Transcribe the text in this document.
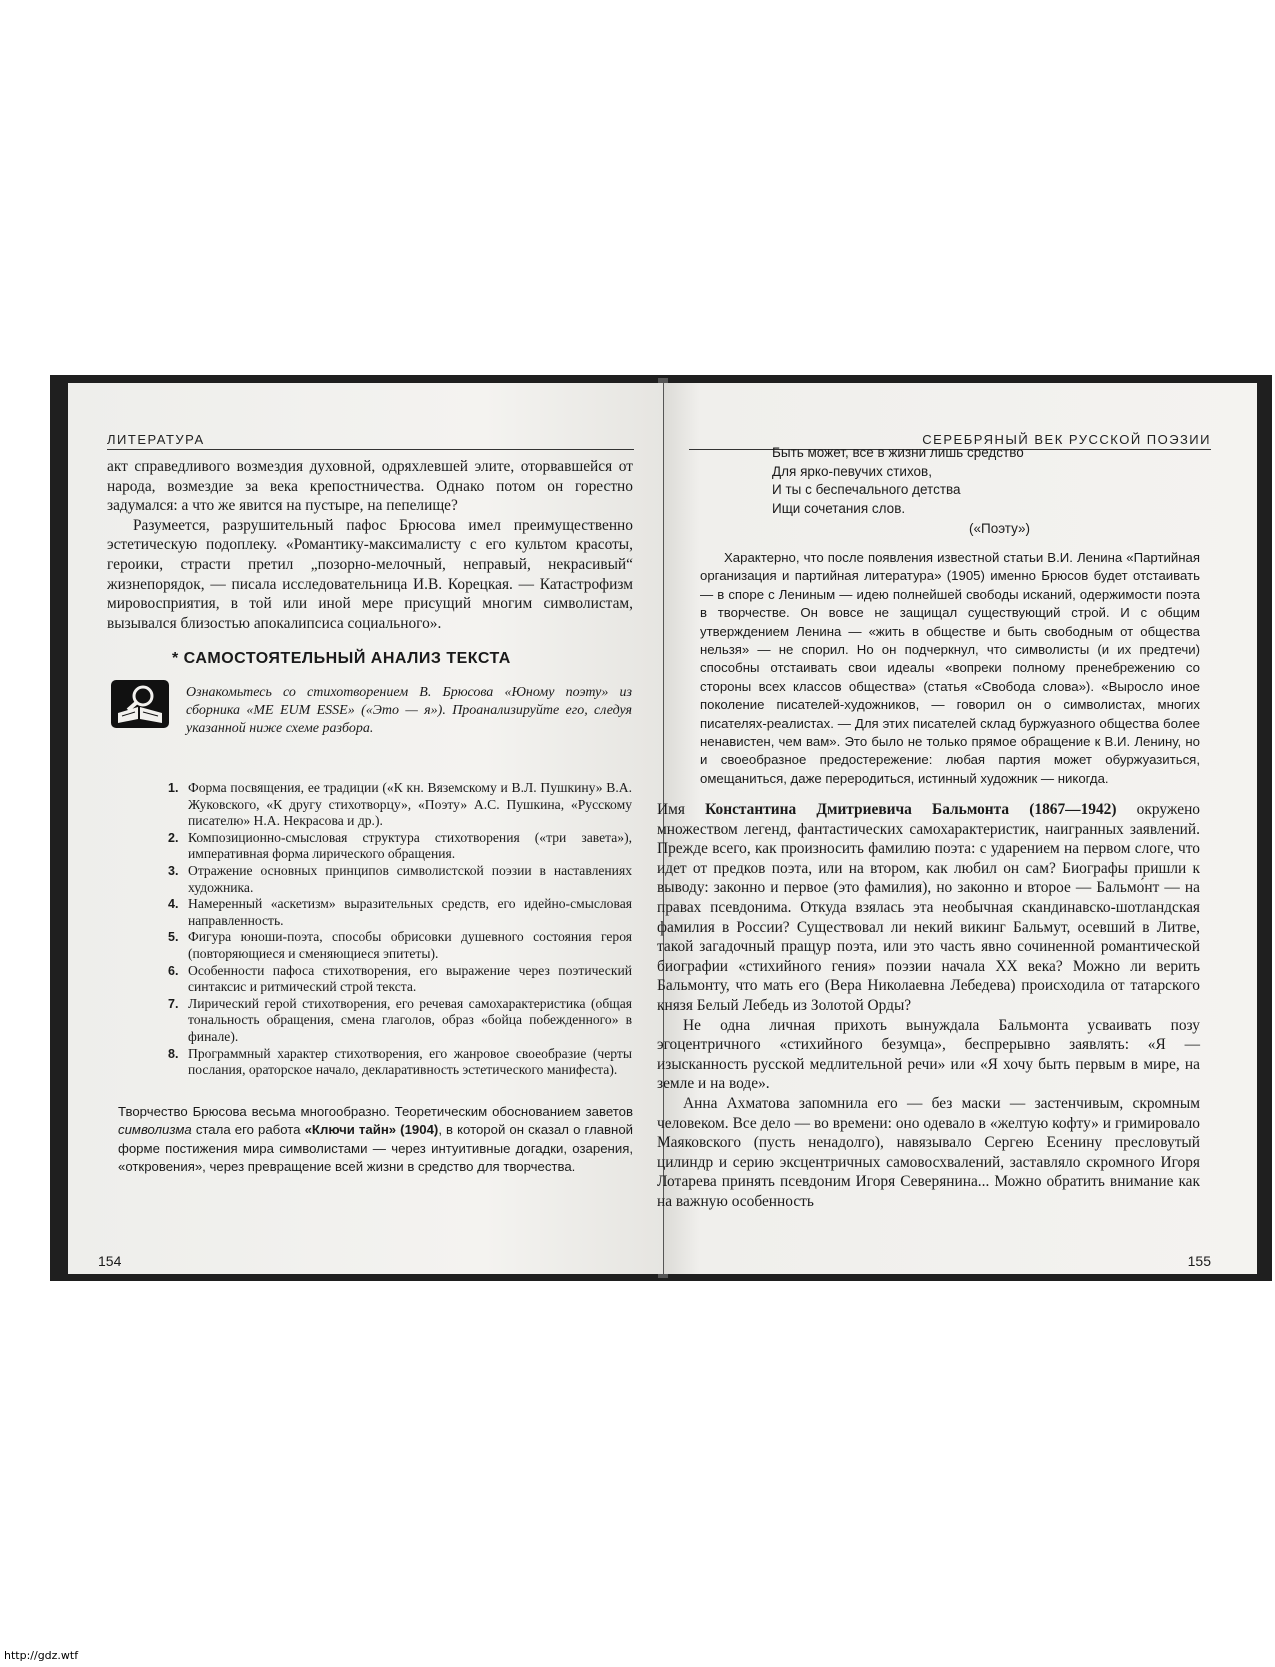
ЛИТЕРАТУРА

акт справедливого возмездия духовной, одряхлевшей элите, оторвавшейся от народа, возмездие за века крепостничества. Однако потом он горестно задумался: а что же явится на пустыре, на пепелище?

Разумеется, разрушительный пафос Брюсова имел преимущественно эстетическую подоплеку. «Романтику-максималисту с его культом красоты, героики, страсти претил „позорно-мелочный, неправый, некрасивый“ жизнепорядок, — писала исследовательница И.В. Корецкая. — Катастрофизм мировосприятия, в той или иной мере присущий многим символистам, вызывался близостью апокалипсиса социального».

* САМОСТОЯТЕЛЬНЫЙ АНАЛИЗ ТЕКСТА
Ознакомьтесь со стихотворением В. Брюсова «Юному поэту» из сборника «ME EUM ESSE» («Это — я»). Проанализируйте его, следуя указанной ниже схеме разбора.
1. Форма посвящения, ее традиции («К кн. Вяземскому и В.Л. Пушкину» В.А. Жуковского, «К другу стихотворцу», «Поэту» А.С. Пушкина, «Русскому писателю» Н.А. Некрасова и др.).
2. Композиционно-смысловая структура стихотворения («три завета»), императивная форма лирического обращения.
3. Отражение основных принципов символистской поэзии в наставлениях художника.
4. Намеренный «аскетизм» выразительных средств, его идейно-смысловая направленность.
5. Фигура юноши-поэта, способы обрисовки душевного состояния героя (повторяющиеся и сменяющиеся эпитеты).
6. Особенности пафоса стихотворения, его выражение через поэтический синтаксис и ритмический строй текста.
7. Лирический герой стихотворения, его речевая самохарактеристика (общая тональность обращения, смена глаголов, образ «бойца побежденного» в финале).
8. Программный характер стихотворения, его жанровое своеобразие (черты послания, ораторское начало, декларативность эстетического манифеста).

Творчество Брюсова весьма многообразно. Теоретическим обоснованием заветов символизма стала его работа «Ключи тайн» (1904), в которой он сказал о главной форме постижения мира символистами — через интуитивные догадки, озарения, «откровения», через превращение всей жизни в средство для творчества.

154
СЕРЕБРЯНЫЙ ВЕК РУССКОЙ ПОЭЗИИ
Быть может, все в жизни лишь средство
Для ярко-певучих стихов,
И ты с беспечального детства
Ищи сочетания слов.
(«Поэту»)

Характерно, что после появления известной статьи В.И. Ленина «Партийная организация и партийная литература» (1905) именно Брюсов будет отстаивать — в споре с Лениным — идею полнейшей свободы исканий, одержимости поэта в творчестве. Он вовсе не защищал существующий строй. И с общим утверждением Ленина — «жить в обществе и быть свободным от общества нельзя» — не спорил. Но он подчеркнул, что символисты (и их предтечи) способны отстаивать свои идеалы «вопреки полному пренебрежению со стороны всех классов общества» (статья «Свобода слова»). «Выросло иное поколение писателей-художников, — говорил он о символистах, многих писателях-реалистах. — Для этих писателей склад буржуазного общества более ненавистен, чем вам». Это было не только прямое обращение к В.И. Ленину, но и своеобразное предостережение: любая партия может обуржуазиться, омещаниться, даже переродиться, истинный художник — никогда.

Имя Константина Дмитриевича Бальмонта (1867—1942) окружено множеством легенд, фантастических самохарактеристик, наигранных заявлений. Прежде всего, как произносить фамилию поэта: с ударением на первом слоге, что идет от предков поэта, или на втором, как любил он сам? Биографы пришли к выводу: законно и первое (это фамилия), но законно и второе — Бальмо́нт — на правах псевдонима. Откуда взялась эта необычная скандинавско-шотландская фамилия в России? Существовал ли некий викинг Бальмут, осевший в Литве, такой загадочный пращур поэта, или это часть явно сочиненной романтической биографии «стихийного гения» поэзии начала XX века? Можно ли верить Бальмонту, что мать его (Вера Николаевна Лебедева) происходила от татарского князя Белый Лебедь из Золотой Орды?

Не одна личная прихоть вынуждала Бальмонта усваивать позу эгоцентричного «стихийного безумца», беспрерывно заявлять: «Я — изысканность русской медлительной речи» или «Я хочу быть первым в мире, на земле и на воде».

Анна Ахматова запомнила его — без маски — застенчивым, скромным человеком. Все дело — во времени: оно одевало в «желтую кофту» и гримировало Маяковского (пусть ненадолго), навязывало Сергею Есенину пресловутый цилиндр и серию эксцентричных самовосхвалений, заставляло скромного Игоря Лотарева принять псевдоним Игоря Северянина... Можно обратить внимание как на важную особенность

155
http://gdz.wtf
